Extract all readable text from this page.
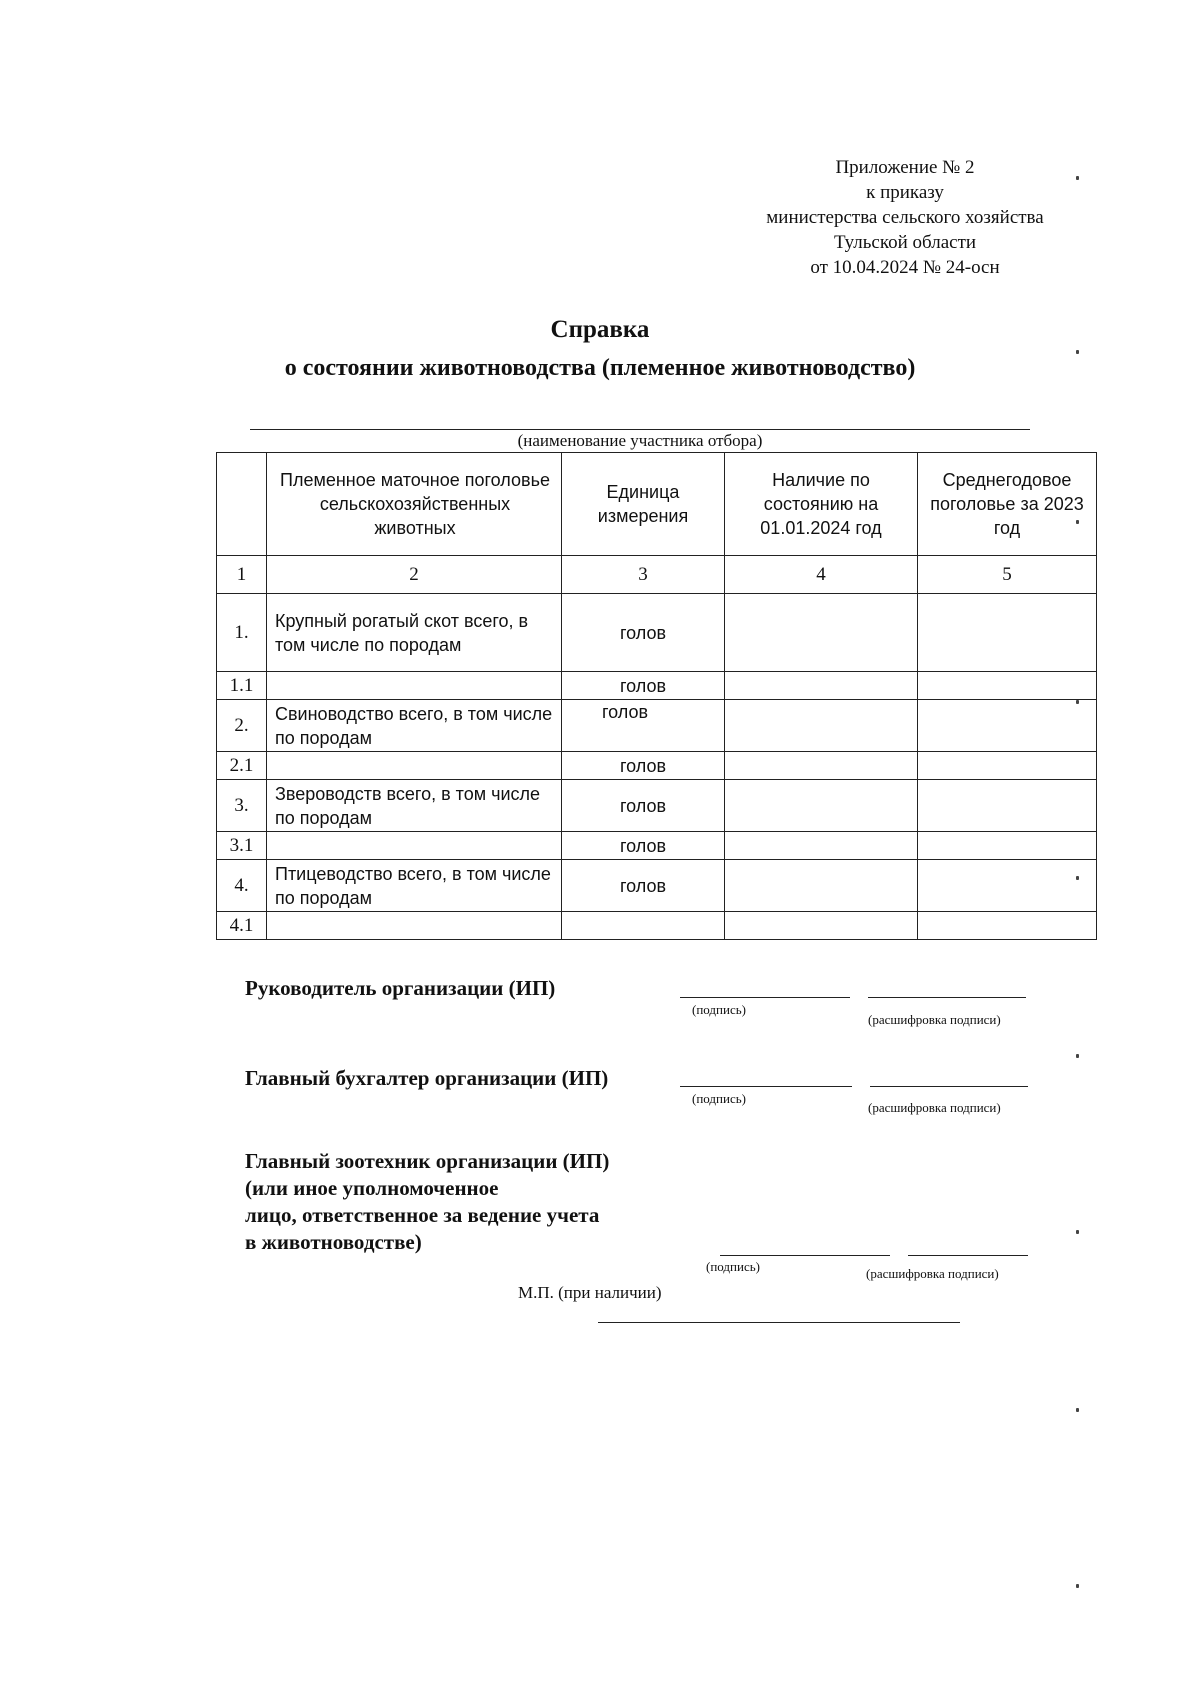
Приложение № 2
к приказу
министерства сельского хозяйства
Тульской области
от 10.04.2024 № 24-осн
Справка
о состоянии животноводства (племенное животноводство)
(наименование участника отбора)

	Племенное маточное поголовье сельскохозяйственных животных	Единица измерения	Наличие по состоянию на 01.01.2024 год	Среднегодовое поголовье за 2023 год
1	2	3	4	5
1.	Крупный рогатый скот всего, в том числе по породам	голов		
1.1		голов		
2.	Свиноводство всего, в том числе по породам	голов		
2.1		голов		
3.	Звероводств всего, в том числе по породам	голов		
3.1		голов		
4.	Птицеводство всего, в том числе по породам	голов		
4.1				
Руководитель организации (ИП)
(подпись)
(расшифровка подписи)
Главный бухгалтер организации (ИП)
(подпись)
(расшифровка подписи)
Главный зоотехник организации (ИП)
(или иное уполномоченное
лицо, ответственное за ведение учета
в животноводстве)
(подпись)	(расшифровка подписи)
М.П. (при наличии)
